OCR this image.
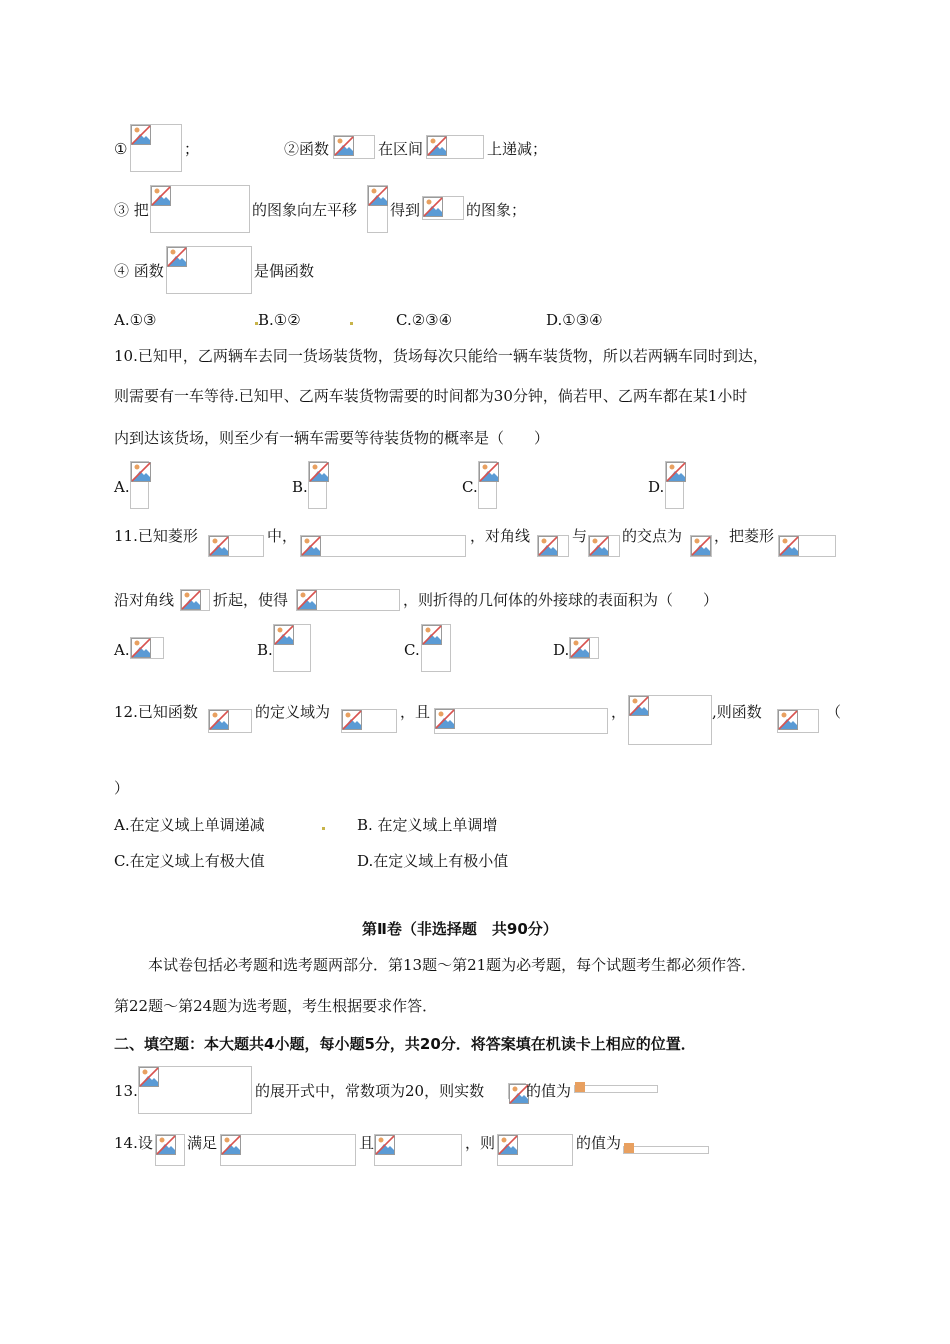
①	；	②函数	在区间	上递减；
③ 把	的图象向左平移 得到	的图象；
④ 函数	是偶函数
A.①③	B.①②	C.②③④	D.①③④
10.已知甲，乙两辆车去同一货场装货物，货场每次只能给一辆车装货物，所以若两辆车同时到达，
则需要有一车等待.已知甲、乙两车装货物需要的时间都为30分钟，倘若甲、乙两车都在某1小时
内到达该货场，则至少有一辆车需要等待装货物的概率是（　　）
A.	B.	C.	D.
11.已知菱形	中，	，对角线	与 的交点为 ，把菱形
沿对角线	折起，使得	，则折得的几何体的外接球的表面积为（　　）
A.	B.	C.	D.
12.已知函数	的定义域为	，且	，	,则函数	（
）
A.在定义域上单调递减	B. 在定义域上单调增
C.在定义域上有极大值	D.在定义域上有极小值
第Ⅱ卷（非选择题　共90分）
本试卷包括必考题和选考题两部分．第13题～第21题为必考题，每个试题考生都必须作答．
第22题～第24题为选考题，考生根据要求作答．
二、填空题：本大题共4小题，每小题5分，共20分．将答案填在机读卡上相应的位置．
13.	的展开式中，常数项为20，则实数	的值为
14.设 满足	且	，则	的值为
